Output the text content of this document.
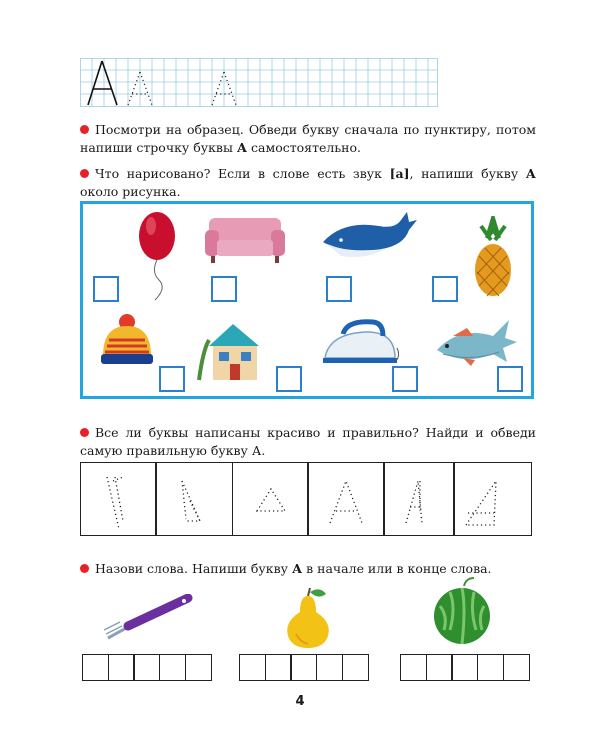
Посмотри на образец. Обведи букву сначала по пунктиру, потом напиши строчку буквы А самостоятельно.
Что нарисовано? Если в слове есть звук [а], напиши букву А около рисунка.
Все ли буквы написаны красиво и правильно? Найди и обведи самую правильную букву А.
Назови слова. Напиши букву А в начале или в конце слова.
4
